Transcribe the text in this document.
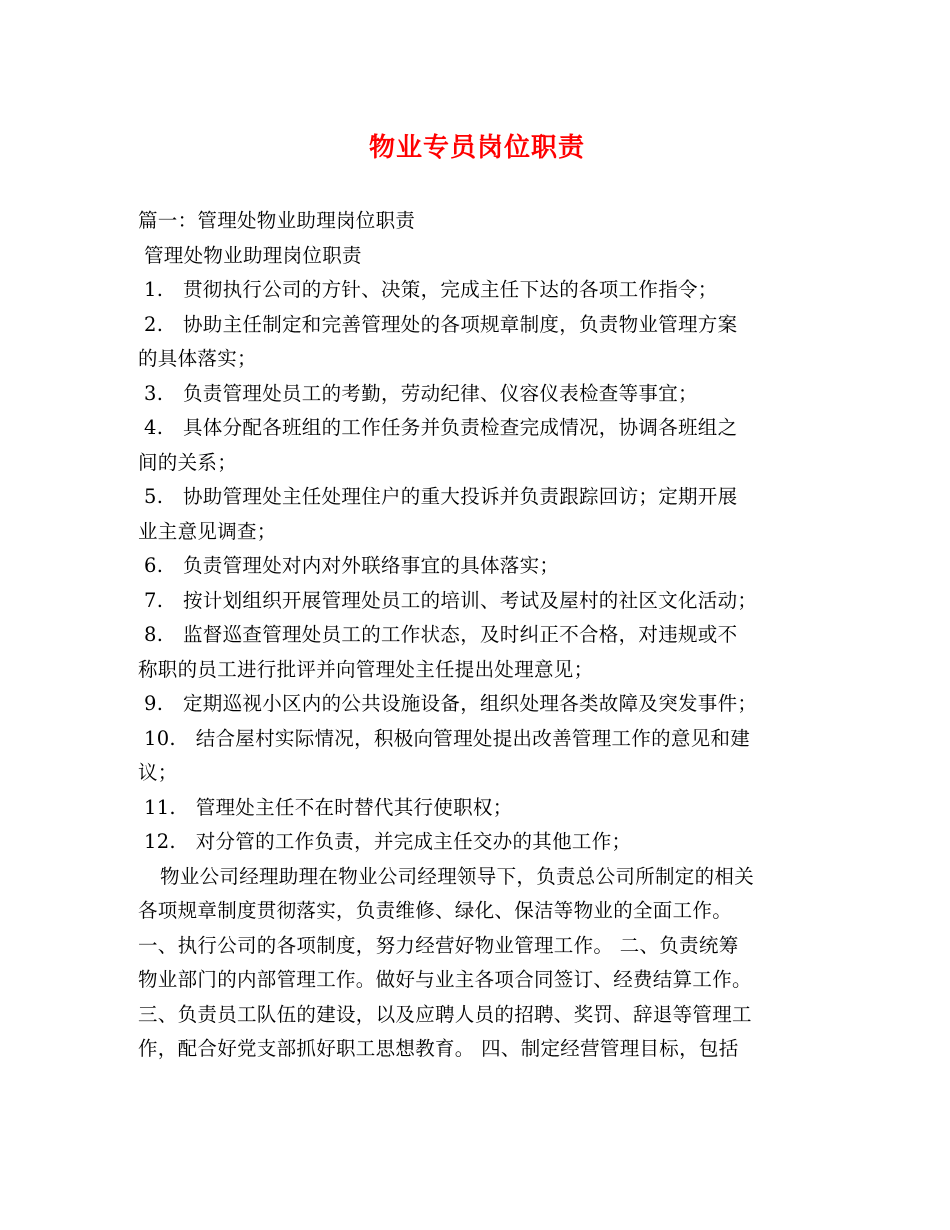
物业专员岗位职责
篇一：管理处物业助理岗位职责
管理处物业助理岗位职责
1.　贯彻执行公司的方针、决策，完成主任下达的各项工作指令；
2.　协助主任制定和完善管理处的各项规章制度，负责物业管理方案
的具体落实；
3.　负责管理处员工的考勤，劳动纪律、仪容仪表检查等事宜；
4.　具体分配各班组的工作任务并负责检查完成情况，协调各班组之
间的关系；
5.　协助管理处主任处理住户的重大投诉并负责跟踪回访；定期开展
业主意见调查；
6.　负责管理处对内对外联络事宜的具体落实；
7.　按计划组织开展管理处员工的培训、考试及屋村的社区文化活动；
8.　监督巡查管理处员工的工作状态，及时纠正不合格，对违规或不
称职的员工进行批评并向管理处主任提出处理意见；
9.　定期巡视小区内的公共设施设备，组织处理各类故障及突发事件；
10.　结合屋村实际情况，积极向管理处提出改善管理工作的意见和建
议；
11.　管理处主任不在时替代其行使职权；
12.　对分管的工作负责，并完成主任交办的其他工作；
物业公司经理助理在物业公司经理领导下，负责总公司所制定的相关
各项规章制度贯彻落实，负责维修、绿化、保洁等物业的全面工作。
一、执行公司的各项制度，努力经营好物业管理工作。 二、负责统筹
物业部门的内部管理工作。做好与业主各项合同签订、经费结算工作。
三、负责员工队伍的建设，以及应聘人员的招聘、奖罚、辞退等管理工
作，配合好党支部抓好职工思想教育。 四、制定经营管理目标，包括
